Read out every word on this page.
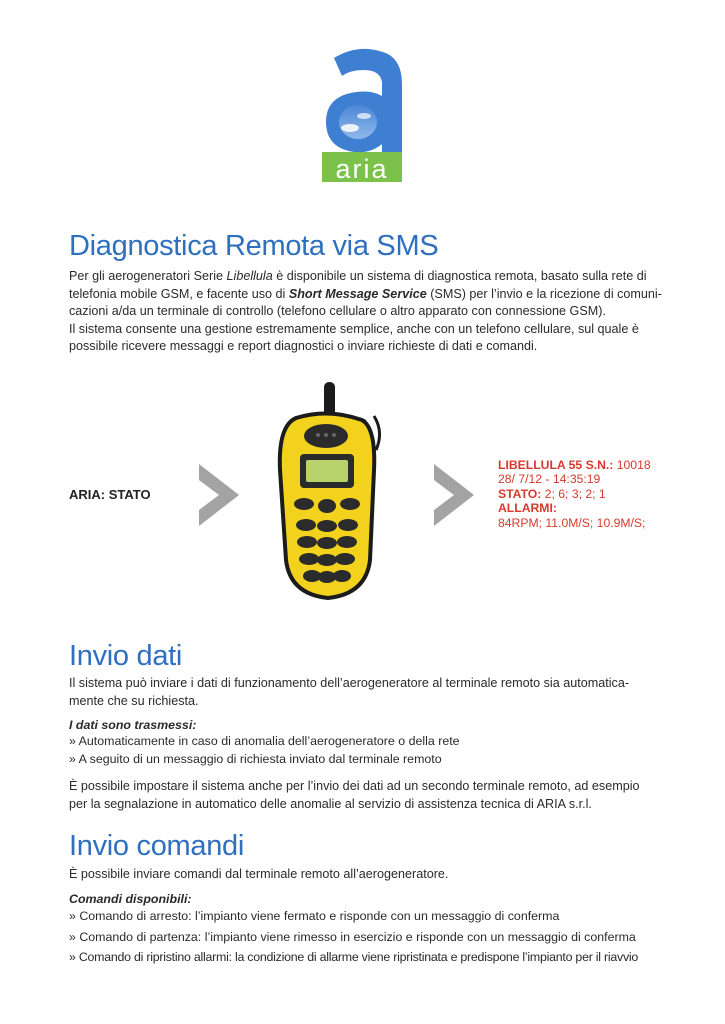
aria
Diagnostica Remota via SMS

Per gli aerogeneratori Serie Libellula è disponibile un sistema di diagnostica remota, basato sulla rete di

telefonia mobile GSM, e facente uso di Short Message Service (SMS) per l’invio e la ricezione di comuni-

cazioni a/da un terminale di controllo (telefono cellulare o altro apparato con connessione GSM).

Il sistema consente una gestione estremamente semplice, anche con un telefono cellulare, sul quale è

possibile ricevere messaggi e report diagnostici o inviare richieste di dati e comandi.

ARIA: STATO
LIBELLULA 55 S.N.: 10018
28/ 7/12 - 14:35:19
STATO: 2; 6; 3; 2; 1
ALLARMI:
84RPM; 11.0M/S; 10.9M/S;
Invio dati

Il sistema può inviare i dati di funzionamento dell’aerogeneratore al terminale remoto sia automatica-

mente che su richiesta.

I dati sono trasmessi:
» Automaticamente in caso di anomalia dell’aerogeneratore o della rete
» A seguito di un messaggio di richiesta inviato dal terminale remoto

È possibile impostare il sistema anche per l’invio dei dati ad un secondo terminale remoto, ad esempio

per la segnalazione in automatico delle anomalie al servizio di assistenza tecnica di ARIA s.r.l.

Invio comandi
È possibile inviare comandi dal terminale remoto all’aerogeneratore.
Comandi disponibili:
» Comando di arresto: l’impianto viene fermato e risponde con un messaggio di conferma
» Comando di partenza: l’impianto viene rimesso in esercizio e risponde con un messaggio di conferma
» Comando di ripristino allarmi: la condizione di allarme viene ripristinata e predispone l’impianto per il riavvio
